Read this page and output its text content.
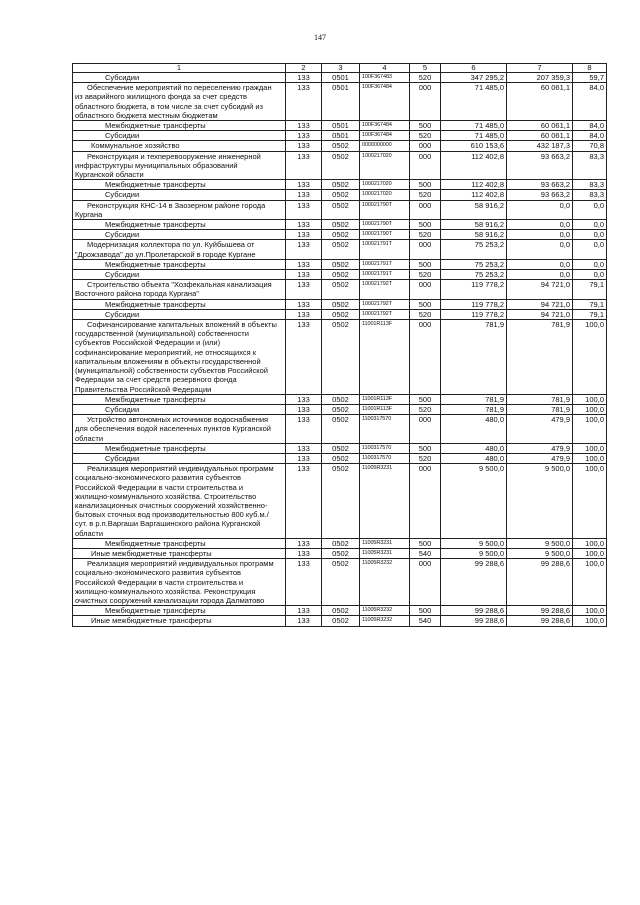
147
1	2	3	4	5	6	7	8
Субсидии	133	0501	100F367483	520	347 295,2	207 359,3	59,7
Обеспечение мероприятий по переселению граждан из аварийного жилищного фонда за счет средств областного бюджета, в том числе за счет субсидий из областного бюджета местным бюджетам	133	0501	100F367484	000	71 485,0	60 061,1	84,0
Межбюджетные трансферты	133	0501	100F367484	500	71 485,0	60 061,1	84,0
Субсидии	133	0501	100F367484	520	71 485,0	60 061,1	84,0
Коммунальное хозяйство	133	0502	0000000000	000	610 153,6	432 187,3	70,8
Реконструкция и техперевооружение инженерной инфраструктуры муниципальных образований Курганской области	133	0502	1000217020	000	112 402,8	93 663,2	83,3
Межбюджетные трансферты	133	0502	1000217020	500	112 402,8	93 663,2	83,3
Субсидии	133	0502	1000217020	520	112 402,8	93 663,2	83,3
Реконструкция КНС-14 в Заозерном районе города Кургана	133	0502	100021790T	000	58 916,2	0,0	0,0
Межбюджетные трансферты	133	0502	100021790T	500	58 916,2	0,0	0,0
Субсидии	133	0502	100021790T	520	58 916,2	0,0	0,0
Модернизация коллектора по ул. Куйбышева от "Дрожзавода" до ул.Пролетарской в городе Кургане	133	0502	100021791T	000	75 253,2	0,0	0,0
Межбюджетные трансферты	133	0502	100021791T	500	75 253,2	0,0	0,0
Субсидии	133	0502	100021791T	520	75 253,2	0,0	0,0
Строительство объекта "Хозфекальная канализация Восточного района города Кургана"	133	0502	100021792T	000	119 778,2	94 721,0	79,1
Межбюджетные трансферты	133	0502	100021792T	500	119 778,2	94 721,0	79,1
Субсидии	133	0502	100021792T	520	119 778,2	94 721,0	79,1
Софинансирование капитальных вложений в объекты государственной (муниципальной) собственности субъектов Российской Федерации и (или) софинансирование мероприятий, не относящихся к капитальным вложениям в объекты государственной (муниципальной) собственности субъектов Российской Федерации за счет средств резервного фонда Правительства Российской Федерации	133	0502	11001R113F	000	781,9	781,9	100,0
Межбюджетные трансферты	133	0502	11001R113F	500	781,9	781,9	100,0
Субсидии	133	0502	11001R113F	520	781,9	781,9	100,0
Устройство автономных источников водоснабжения для обеспечения водой населенных пунктов Курганской области	133	0502	1100317570	000	480,0	479,9	100,0
Межбюджетные трансферты	133	0502	1100317570	500	480,0	479,9	100,0
Субсидии	133	0502	1100317570	520	480,0	479,9	100,0
Реализация мероприятий индивидуальных программ социально-экономического развития субъектов Российской Федерации в части строительства и жилищно-коммунального хозяйства. Строительство канализационных очистных сооружений хозяйственно-бытовых сточных вод производительностью 800 куб.м./сут. в р.п.Варгаши Варгашинского района Курганской области	133	0502	11005R3231	000	9 500,0	9 500,0	100,0
Межбюджетные трансферты	133	0502	11005R3231	500	9 500,0	9 500,0	100,0
Иные межбюджетные трансферты	133	0502	11005R3231	540	9 500,0	9 500,0	100,0
Реализация мероприятий индивидуальных программ социально-экономического развития субъектов Российской Федерации в части строительства и жилищно-коммунального хозяйства. Реконструкция очистных сооружений канализации города Далматово	133	0502	11005R3232	000	99 288,6	99 288,6	100,0
Межбюджетные трансферты	133	0502	11005R3232	500	99 288,6	99 288,6	100,0
Иные межбюджетные трансферты	133	0502	11005R3232	540	99 288,6	99 288,6	100,0
